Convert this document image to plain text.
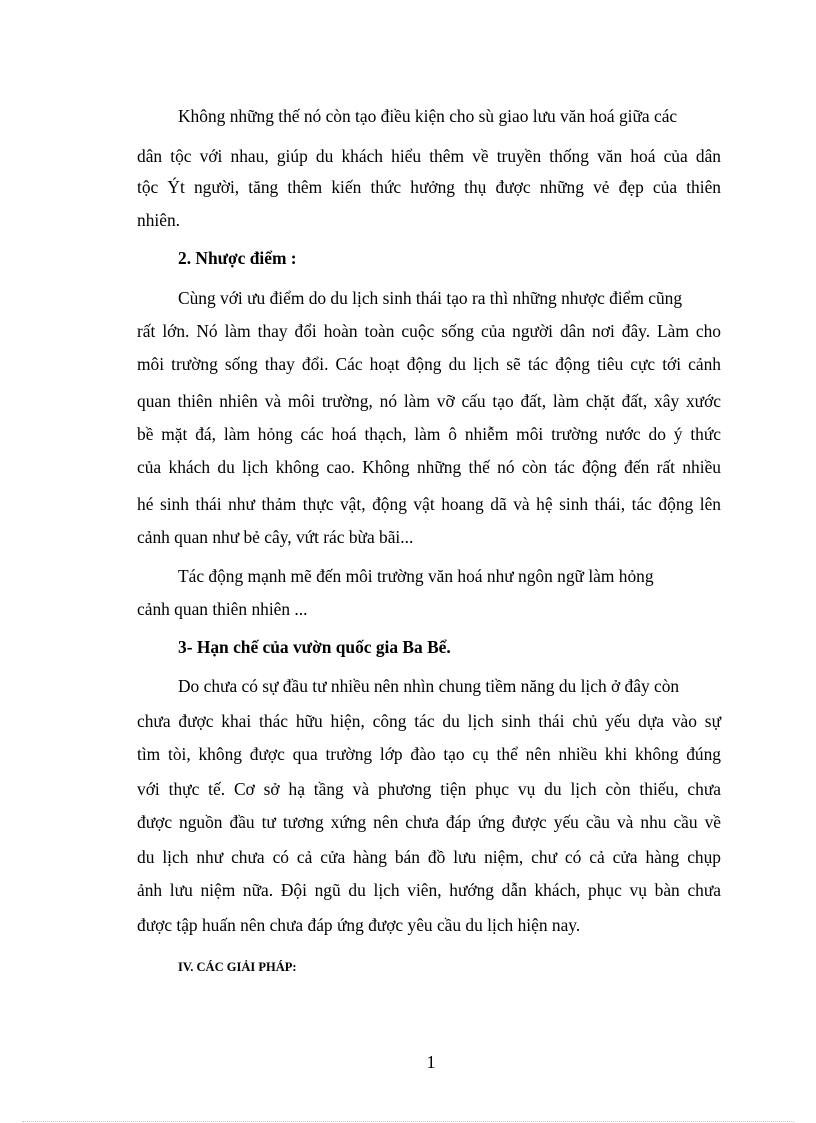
Không những thế nó còn tạo điều kiện cho sù giao lưu văn hoá giữa các

dân tộc với nhau, giúp du khách hiểu thêm về truyền thống văn hoá của dân

tộc Ýt người, tăng thêm kiến thức hưởng thụ được những vẻ đẹp của thiên

nhiên.

2. Nhược điểm :

Cùng với ưu điểm do du lịch sinh thái tạo ra thì những nhược điểm cũng

rất lớn. Nó làm thay đổi hoàn toàn cuộc sống của người dân nơi đây. Làm cho

môi trường sống thay đổi. Các hoạt động du lịch sẽ tác động tiêu cực tới cảnh

quan thiên nhiên và môi trường, nó làm vỡ cấu tạo đất, làm chặt đất, xây xước

bề mặt đá, làm hỏng các hoá thạch, làm ô nhiễm môi trường nước do ý thức

của khách du lịch không cao. Không những thế nó còn tác động đến rất nhiều

hé sinh thái như thảm thực vật, động vật hoang dã và hệ sinh thái, tác động lên

cảnh quan như bẻ cây, vứt rác bừa bãi...

Tác động mạnh mẽ đến môi trường văn hoá như ngôn ngữ làm hỏng

cảnh quan thiên nhiên ...

3- Hạn chế của vườn quốc gia Ba Bể.

Do chưa có sự đầu tư nhiều nên nhìn chung tiềm năng du lịch ở đây còn

chưa được khai thác hữu hiện, công tác du lịch sinh thái chủ yếu dựa vào sự

tìm tòi, không được qua trường lớp đào tạo cụ thể nên nhiều khi không đúng

với thực tế. Cơ sở hạ tầng và phương tiện phục vụ du lịch còn thiếu, chưa

được nguồn đầu tư tương xứng nên chưa đáp ứng được yếu cầu và nhu cầu về

du lịch như chưa có cả cửa hàng bán đồ lưu niệm, chư có cả cửa hàng chụp

ảnh lưu niệm nữa. Đội ngũ du lịch viên, hướng dẫn khách, phục vụ bàn chưa

được tập huấn nên chưa đáp ứng được yêu cầu du lịch hiện nay.

IV. CÁC GIẢI PHÁP:

1
